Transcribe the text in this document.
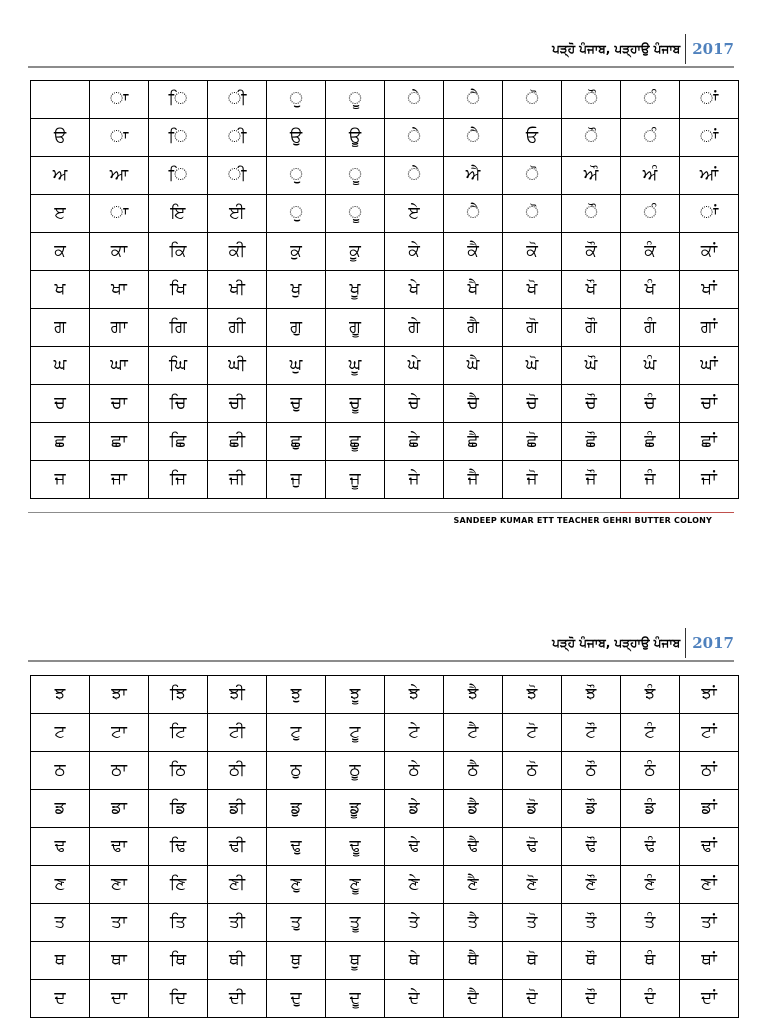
ਪੜ੍ਹੋ ਪੰਜਾਬ, ਪੜ੍ਹਾਉ ਪੰਜਾਬ 2017
	ਾ	ਿ	ੀ	ੁ	ੂ	ੇ	ੈ	ੋ	ੌ	ੰ	ਾਂ
ੳ	ਾ	ਿ	ੀ	ਉ	ਊ	ੇ	ੈ	ਓ	ੌ	ੰ	ਾਂ
ਅ	ਆ	ਿ	ੀ	ੁ	ੂ	ੇ	ਐ	ੋ	ਔ	ਅੰ	ਆਂ
ੲ	ਾ	ਇ	ਈ	ੁ	ੂ	ਏ	ੈ	ੋ	ੌ	ੰ	ਾਂ
ਕ	ਕਾ	ਕਿ	ਕੀ	ਕੁ	ਕੂ	ਕੇ	ਕੈ	ਕੋ	ਕੌ	ਕੰ	ਕਾਂ
ਖ	ਖਾ	ਖਿ	ਖੀ	ਖੁ	ਖੂ	ਖੇ	ਖੈ	ਖੋ	ਖੌ	ਖੰ	ਖਾਂ
ਗ	ਗਾ	ਗਿ	ਗੀ	ਗੁ	ਗੂ	ਗੇ	ਗੈ	ਗੋ	ਗੌ	ਗੰ	ਗਾਂ
ਘ	ਘਾ	ਘਿ	ਘੀ	ਘੁ	ਘੂ	ਘੇ	ਘੈ	ਘੋ	ਘੌ	ਘੰ	ਘਾਂ
ਚ	ਚਾ	ਚਿ	ਚੀ	ਚੁ	ਚੂ	ਚੇ	ਚੈ	ਚੋ	ਚੌ	ਚੰ	ਚਾਂ
ਛ	ਛਾ	ਛਿ	ਛੀ	ਛੁ	ਛੂ	ਛੇ	ਛੈ	ਛੋ	ਛੌ	ਛੰ	ਛਾਂ
ਜ	ਜਾ	ਜਿ	ਜੀ	ਜੁ	ਜੂ	ਜੇ	ਜੈ	ਜੋ	ਜੌ	ਜੰ	ਜਾਂ
SANDEEP KUMAR ETT TEACHER GEHRI BUTTER COLONY
ਪੜ੍ਹੋ ਪੰਜਾਬ, ਪੜ੍ਹਾਉ ਪੰਜਾਬ 2017
ਝ	ਝਾ	ਝਿ	ਝੀ	ਝੁ	ਝੂ	ਝੇ	ਝੈ	ਝੋ	ਝੌ	ਝੰ	ਝਾਂ
ਟ	ਟਾ	ਟਿ	ਟੀ	ਟੁ	ਟੂ	ਟੇ	ਟੈ	ਟੋ	ਟੌ	ਟੰ	ਟਾਂ
ਠ	ਠਾ	ਠਿ	ਠੀ	ਠੁ	ਠੂ	ਠੇ	ਠੈ	ਠੋ	ਠੌ	ਠੰ	ਠਾਂ
ਡ	ਡਾ	ਡਿ	ਡੀ	ਡੁ	ਡੂ	ਡੇ	ਡੈ	ਡੋ	ਡੌ	ਡੰ	ਡਾਂ
ਢ	ਢਾ	ਢਿ	ਢੀ	ਢੁ	ਢੂ	ਢੇ	ਢੈ	ਢੋ	ਢੌ	ਢੰ	ਢਾਂ
ਣ	ਣਾ	ਣਿ	ਣੀ	ਣੁ	ਣੂ	ਣੇ	ਣੈ	ਣੋ	ਣੌ	ਣੰ	ਣਾਂ
ਤ	ਤਾ	ਤਿ	ਤੀ	ਤੁ	ਤੂ	ਤੇ	ਤੈ	ਤੋ	ਤੌ	ਤੰ	ਤਾਂ
ਥ	ਥਾ	ਥਿ	ਥੀ	ਥੁ	ਥੂ	ਥੇ	ਥੈ	ਥੋ	ਥੌ	ਥੰ	ਥਾਂ
ਦ	ਦਾ	ਦਿ	ਦੀ	ਦੁ	ਦੂ	ਦੇ	ਦੈ	ਦੋ	ਦੌ	ਦੰ	ਦਾਂ
